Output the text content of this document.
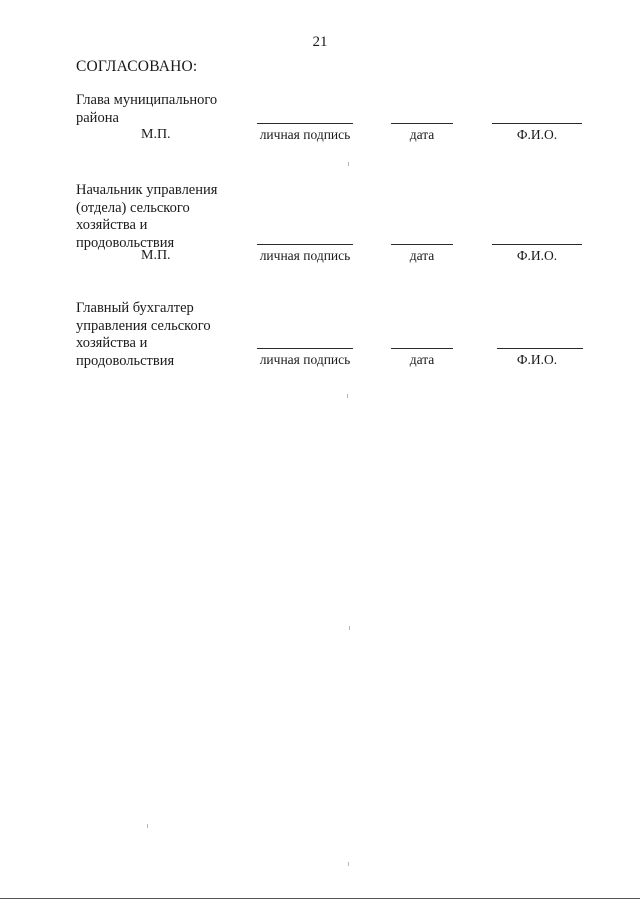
21
СОГЛАСОВАНО:
Глава муниципального
района
М.П.	личная подпись	дата	Ф.И.О.
Начальник управления
(отдела) сельского
хозяйства и
продовольствия
М.П.	личная подпись	дата	Ф.И.О.
Главный бухгалтер
управления сельского
хозяйства и
продовольствия	личная подпись	дата	Ф.И.О.
